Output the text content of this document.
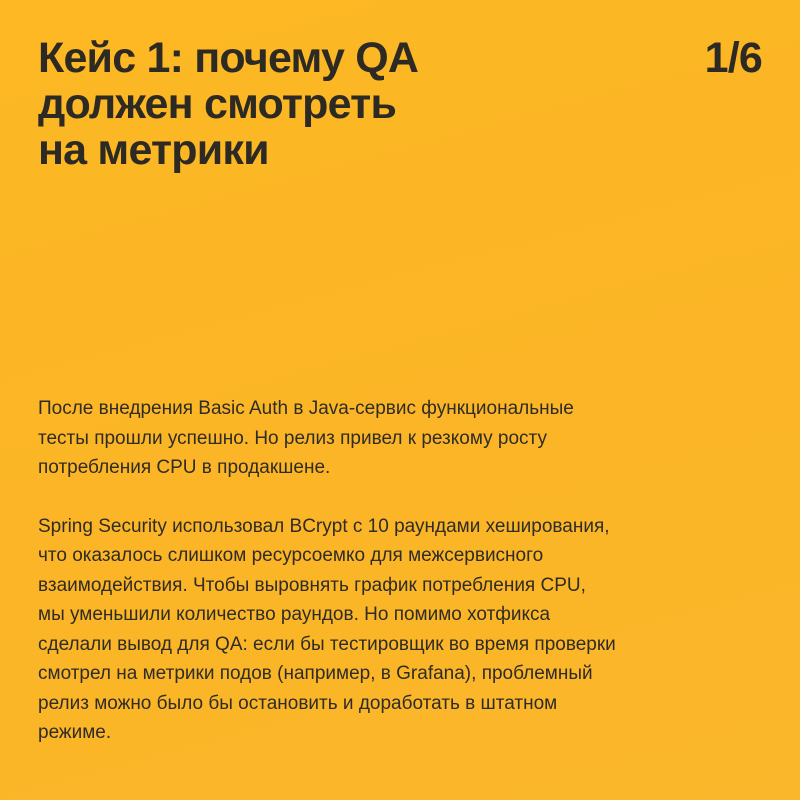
Кейс 1: почему QA
должен смотреть
на метрики
1/6

После внедрения Basic Auth в Java-сервис функциональные
тесты прошли успешно. Но релиз привел к резкому росту
потребления CPU в продакшене.

Spring Security использовал BCrypt с 10 раундами хеширования,
что оказалось слишком ресурсоемко для межсервисного
взаимодействия. Чтобы выровнять график потребления CPU,
мы уменьшили количество раундов. Но помимо хотфикса
сделали вывод для QA: если бы тестировщик во время проверки
смотрел на метрики подов (например, в Grafana), проблемный
релиз можно было бы остановить и доработать в штатном
режиме.
